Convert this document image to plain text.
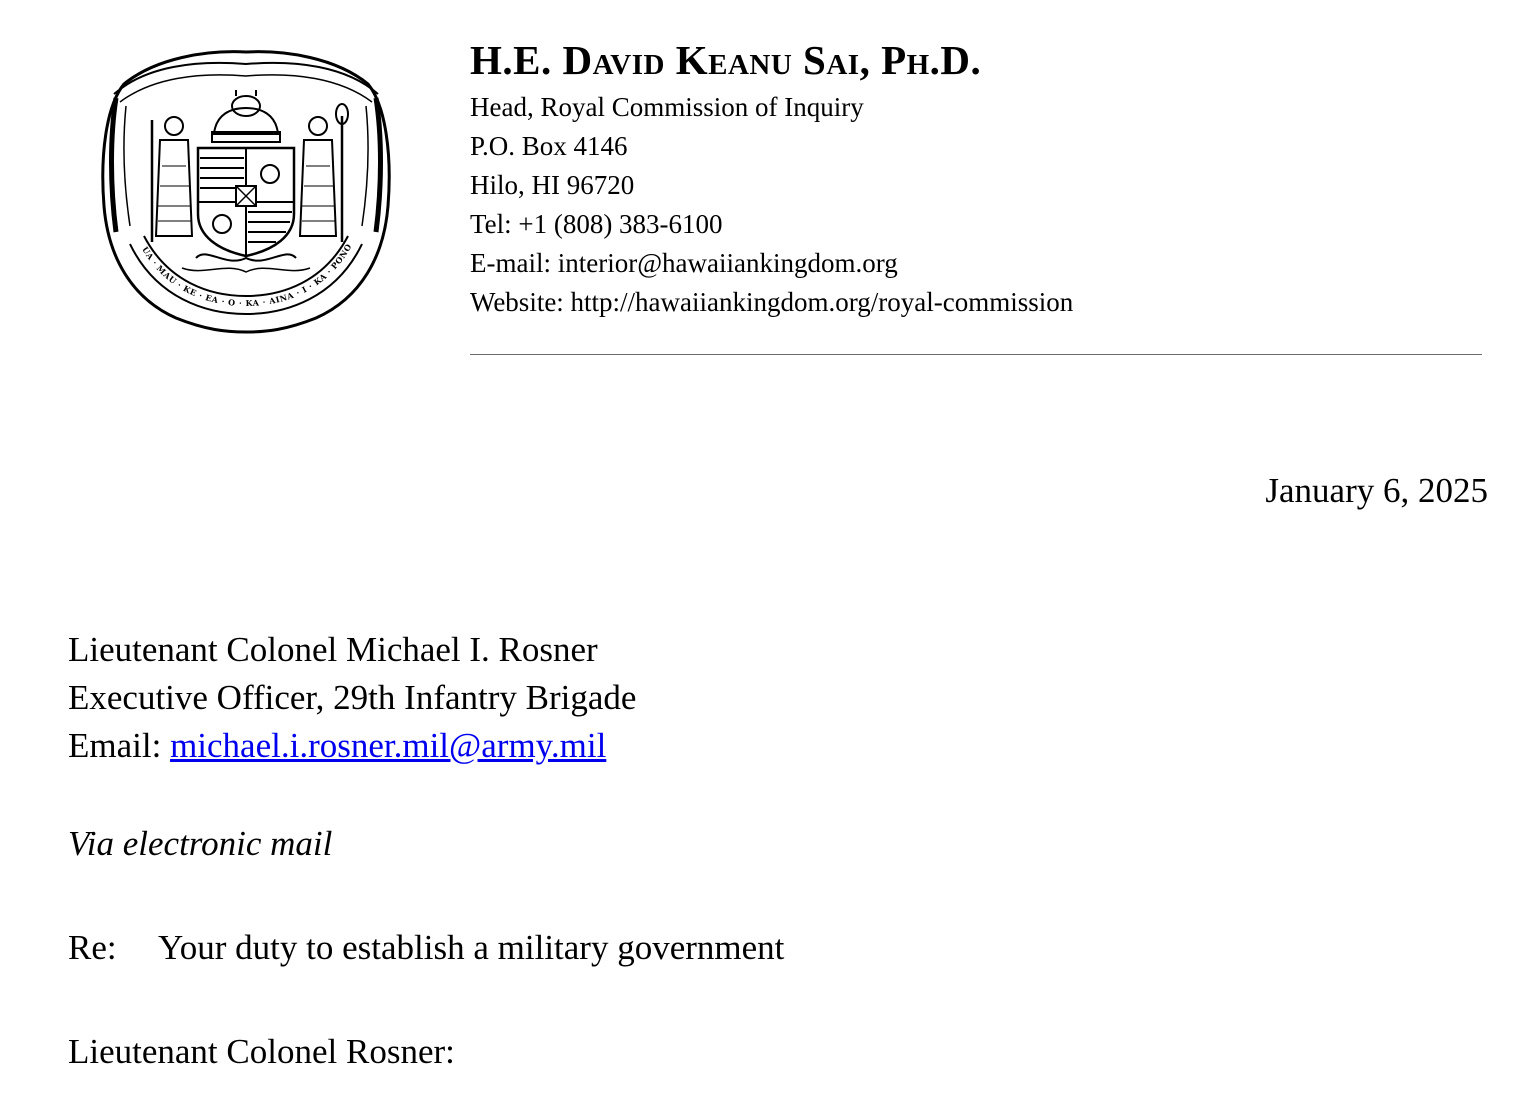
UA · MAU · KE · EA · O · KA · AINA · I · KA · PONO
H.E. David Keanu Sai, Ph.D.
Head, Royal Commission of Inquiry
P.O. Box 4146
Hilo, HI 96720
Tel: +1 (808) 383-6100
E-mail: interior@hawaiiankingdom.org
Website: http://hawaiiankingdom.org/royal-commission
January 6, 2025
Lieutenant Colonel Michael I. Rosner
Executive Officer, 29th Infantry Brigade
Email: michael.i.rosner.mil@army.mil
Via electronic mail
Re: Your duty to establish a military government
Lieutenant Colonel Rosner:
